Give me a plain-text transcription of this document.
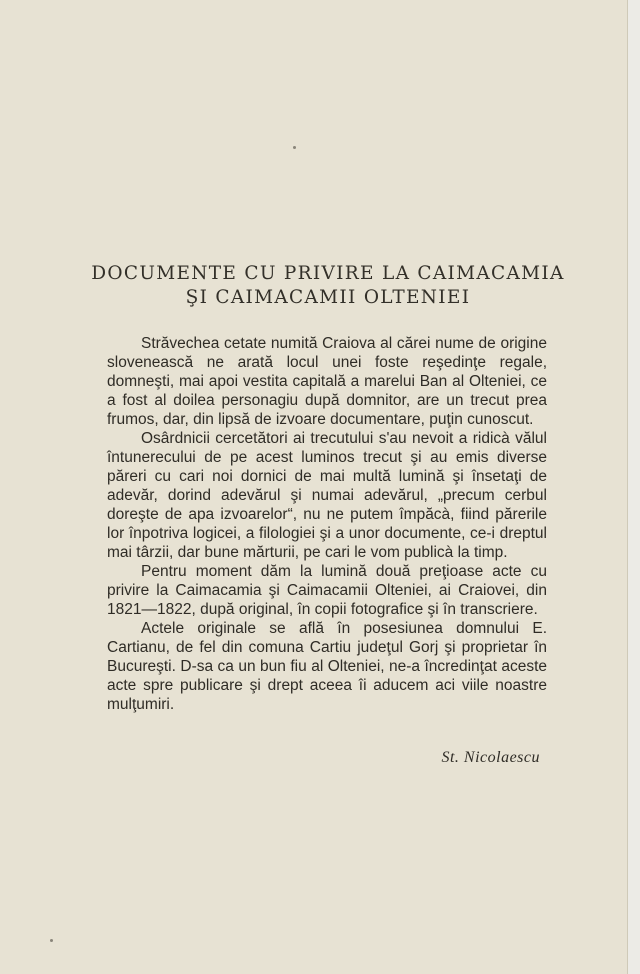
DOCUMENTE CU PRIVIRE LA CAIMACAMIA
ŞI CAIMACAMII OLTENIEI

Străvechea cetate numită Craiova al cărei nume de origine slovenească ne arată locul unei foste reşedinţe regale, domneşti, mai apoi vestita capitală a marelui Ban al Olteniei, ce a fost al doilea personagiu după domnitor, are un trecut prea frumos, dar, din lipsă de izvoare documentare, puţin cunoscut.

Osârdnicii cercetători ai trecutului s'au nevoit a ridicà vălul întunerecului de pe acest luminos trecut şi au emis diverse păreri cu cari noi dornici de mai multă lumină şi însetaţi de adevăr, dorind adevărul şi numai adevărul, „precum cerbul doreşte de apa izvoarelor“, nu ne putem împăcà, fiind părerile lor înpotriva logicei, a filologiei şi a unor documente, ce-i dreptul mai târzii, dar bune mărturii, pe cari le vom publicà la timp.

Pentru moment dăm la lumină două preţioase acte cu privire la Caimacamia şi Caimacamii Olteniei, ai Craiovei, din 1821—1822, după original, în copii fotografice şi în transcriere.

Actele originale se află în posesiunea domnului E. Cartianu, de fel din comuna Cartiu judeţul Gorj şi proprietar în Bucureşti. D-sa ca un bun fiu al Olteniei, ne-a încredinţat aceste acte spre publicare şi drept aceea îi aducem aci viile noastre mulţumiri.

St. Nicolaescu
